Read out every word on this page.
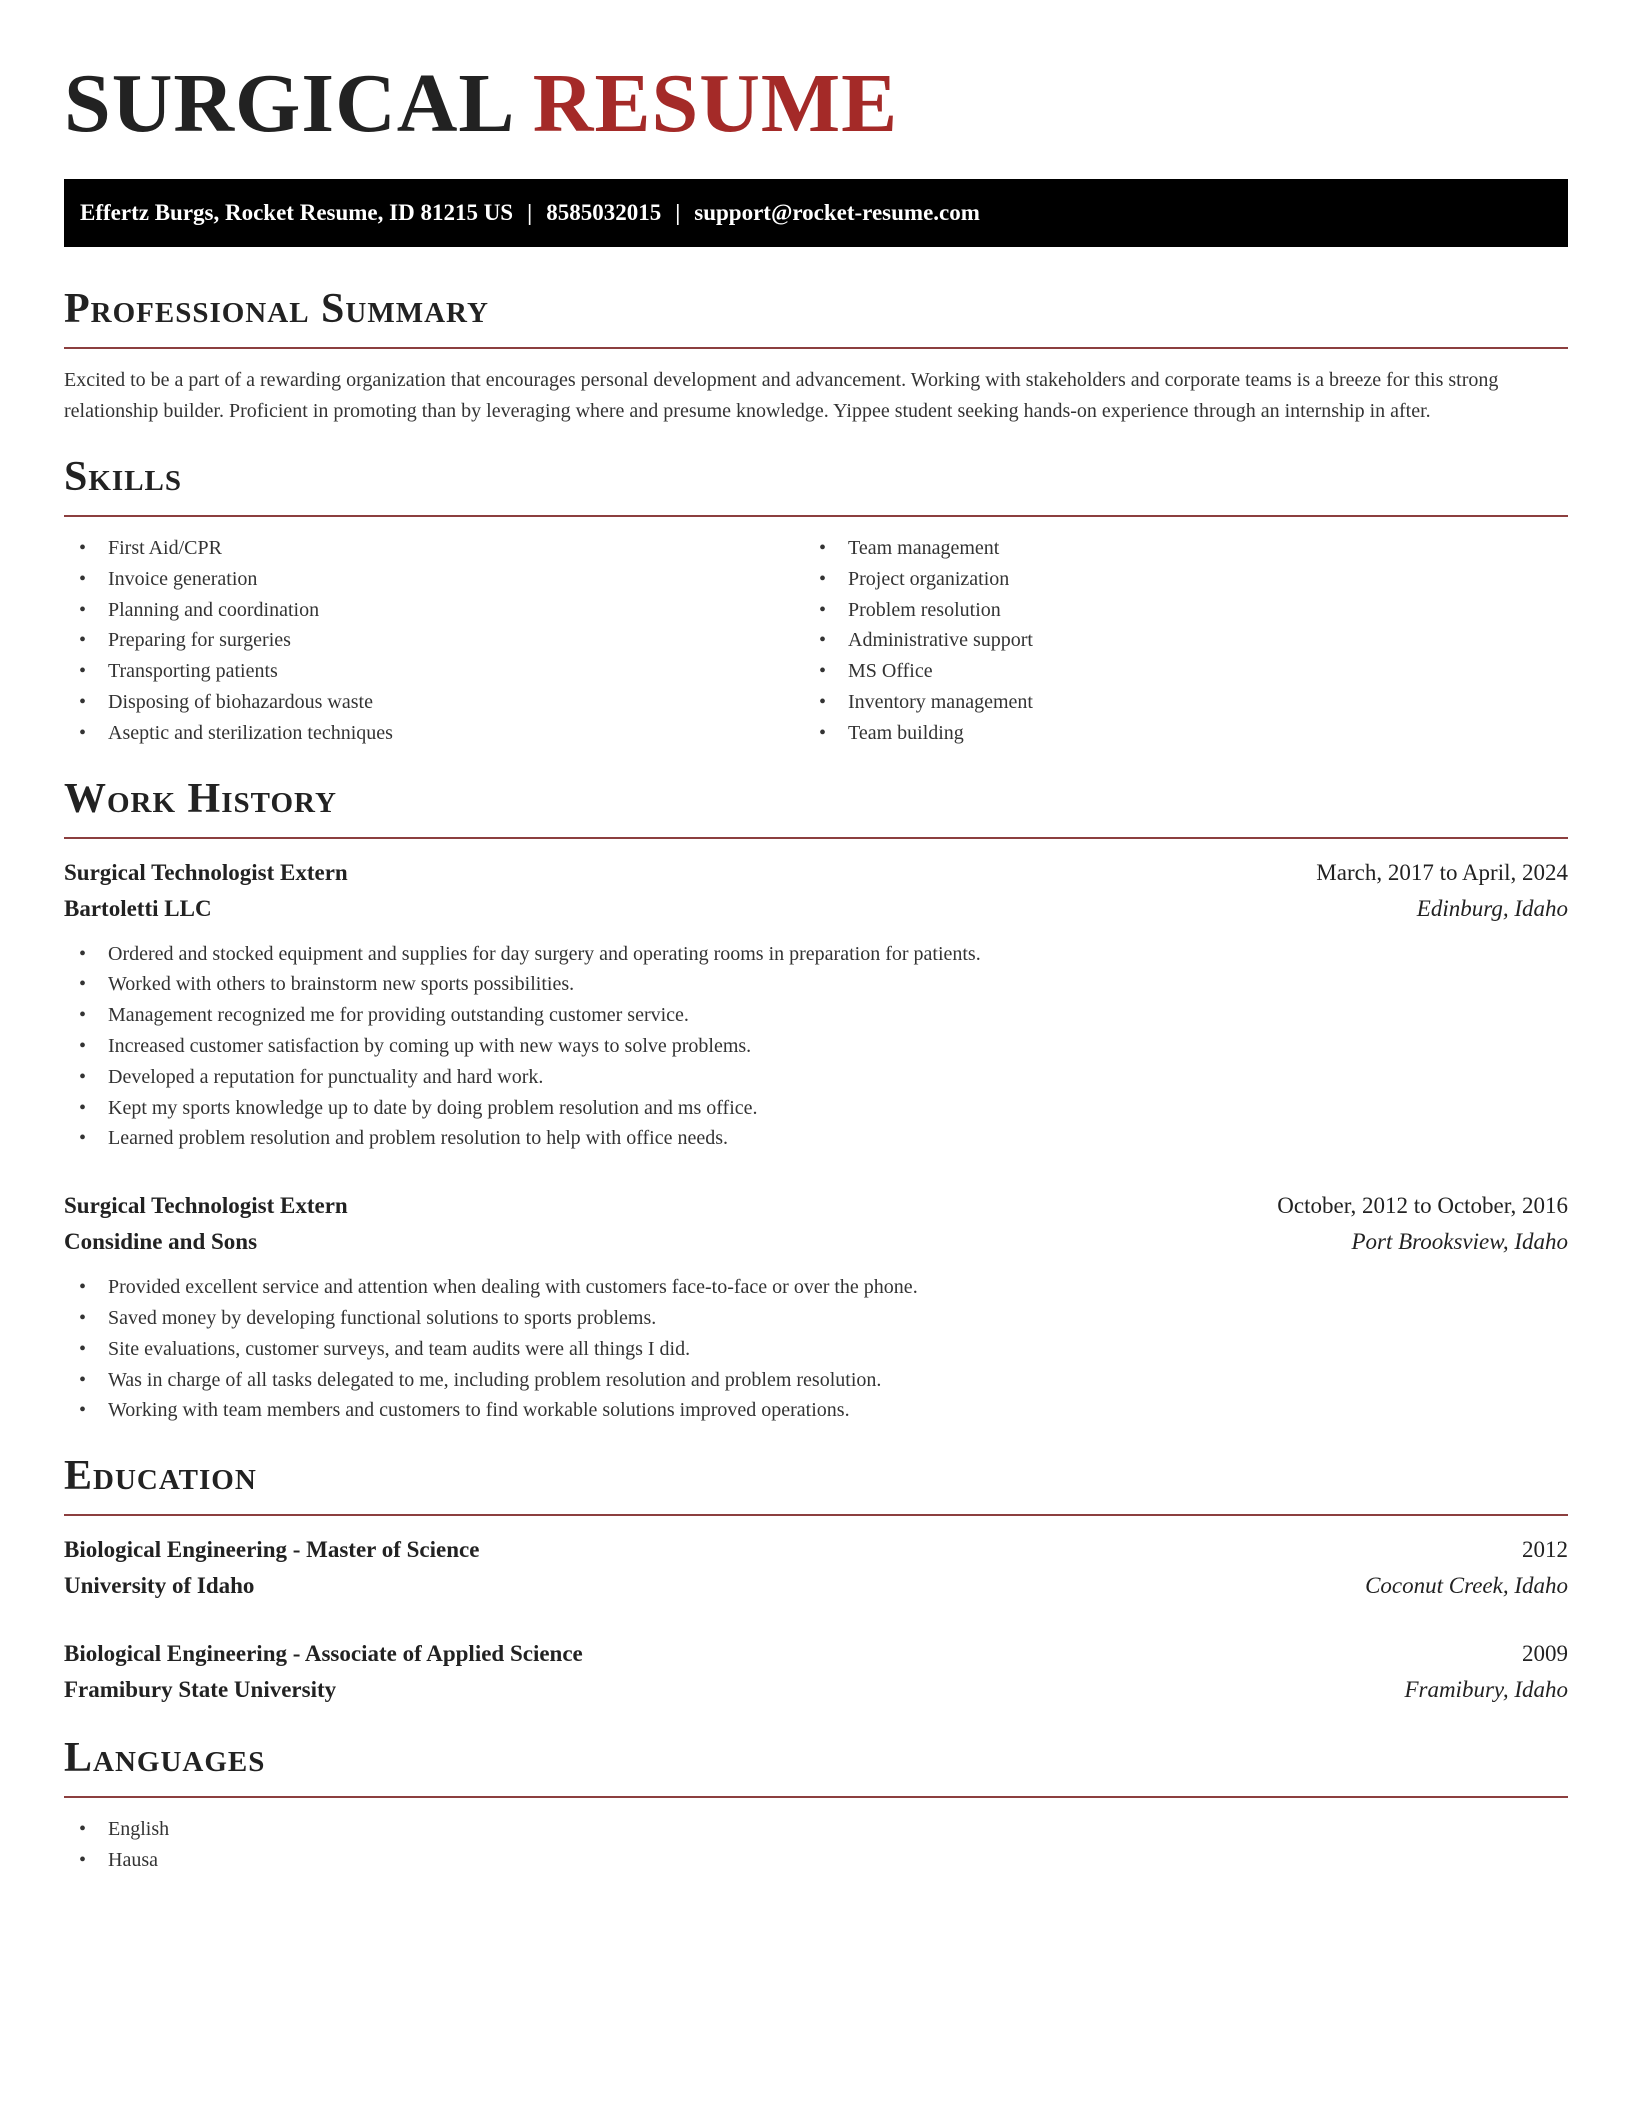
SURGICAL RESUME
Effertz Burgs, Rocket Resume, ID 81215 US | 8585032015 | support@rocket-resume.com
Professional Summary
Excited to be a part of a rewarding organization that encourages personal development and advancement. Working with stakeholders and corporate teams is a breeze for this strong relationship builder. Proficient in promoting than by leveraging where and presume knowledge. Yippee student seeking hands-on experience through an internship in after.
Skills
• First Aid/CPR
• Invoice generation
• Planning and coordination
• Preparing for surgeries
• Transporting patients
• Disposing of biohazardous waste
• Aseptic and sterilization techniques
• Team management
• Project organization
• Problem resolution
• Administrative support
• MS Office
• Inventory management
• Team building
Work History
Surgical Technologist Extern	March, 2017 to April, 2024
Bartoletti LLC	Edinburg, Idaho
• Ordered and stocked equipment and supplies for day surgery and operating rooms in preparation for patients.
• Worked with others to brainstorm new sports possibilities.
• Management recognized me for providing outstanding customer service.
• Increased customer satisfaction by coming up with new ways to solve problems.
• Developed a reputation for punctuality and hard work.
• Kept my sports knowledge up to date by doing problem resolution and ms office.
• Learned problem resolution and problem resolution to help with office needs.
Surgical Technologist Extern	October, 2012 to October, 2016
Considine and Sons	Port Brooksview, Idaho
• Provided excellent service and attention when dealing with customers face-to-face or over the phone.
• Saved money by developing functional solutions to sports problems.
• Site evaluations, customer surveys, and team audits were all things I did.
• Was in charge of all tasks delegated to me, including problem resolution and problem resolution.
• Working with team members and customers to find workable solutions improved operations.
Education
Biological Engineering - Master of Science	2012
University of Idaho	Coconut Creek, Idaho
Biological Engineering - Associate of Applied Science	2009
Framibury State University	Framibury, Idaho
Languages
• English
• Hausa
